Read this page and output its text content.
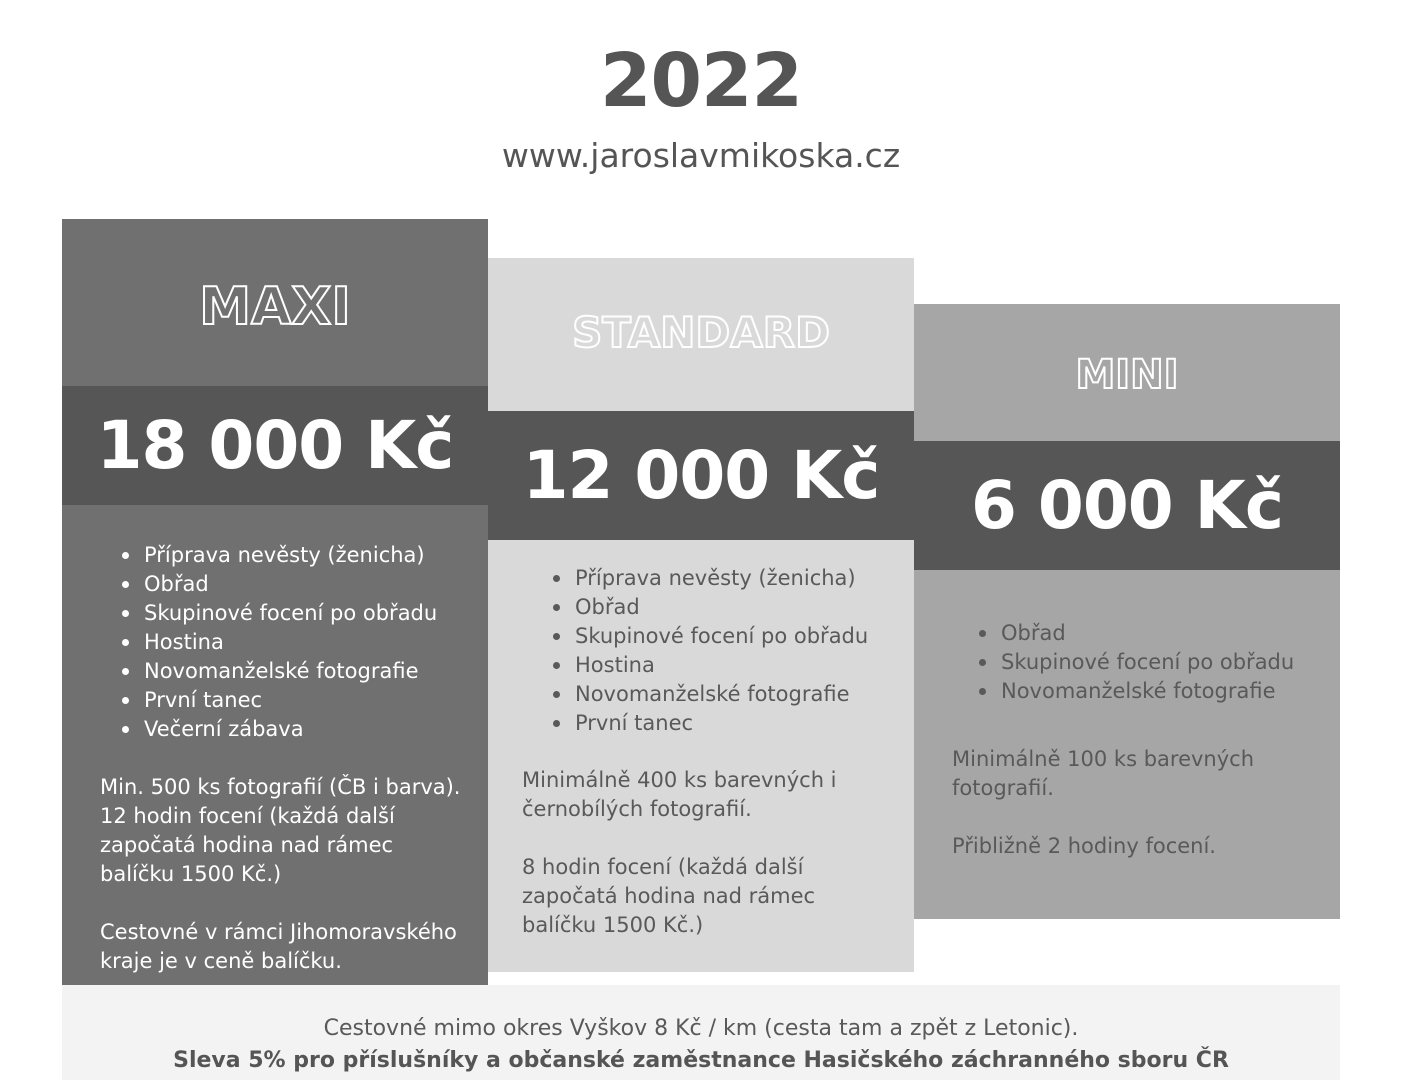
2022
www.jaroslavmikoska.cz
MAXI
18 000 Kč
Příprava nevěsty (ženicha)
Obřad
Skupinové focení po obřadu
Hostina
Novomanželské fotografie
První tanec
Večerní zábava
Min. 500 ks fotografií (ČB i barva).
12 hodin focení (každá další započatá hodina nad rámec balíčku 1500 Kč.)

Cestovné v rámci Jihomoravského kraje je v ceně balíčku.
STANDARD
12 000 Kč
Příprava nevěsty (ženicha)
Obřad
Skupinové focení po obřadu
Hostina
Novomanželské fotografie
První tanec
Minimálně 400 ks barevných i černobílých fotografií.

8 hodin focení (každá další započatá hodina nad rámec balíčku 1500 Kč.)
MINI
6 000 Kč
Obřad
Skupinové focení po obřadu
Novomanželské fotografie
Minimálně 100 ks barevných fotografií.

Přibližně 2 hodiny focení.
Cestovné mimo okres Vyškov 8 Kč / km (cesta tam a zpět z Letonic).
Sleva 5% pro příslušníky a občanské zaměstnance Hasičského záchranného sboru ČR
